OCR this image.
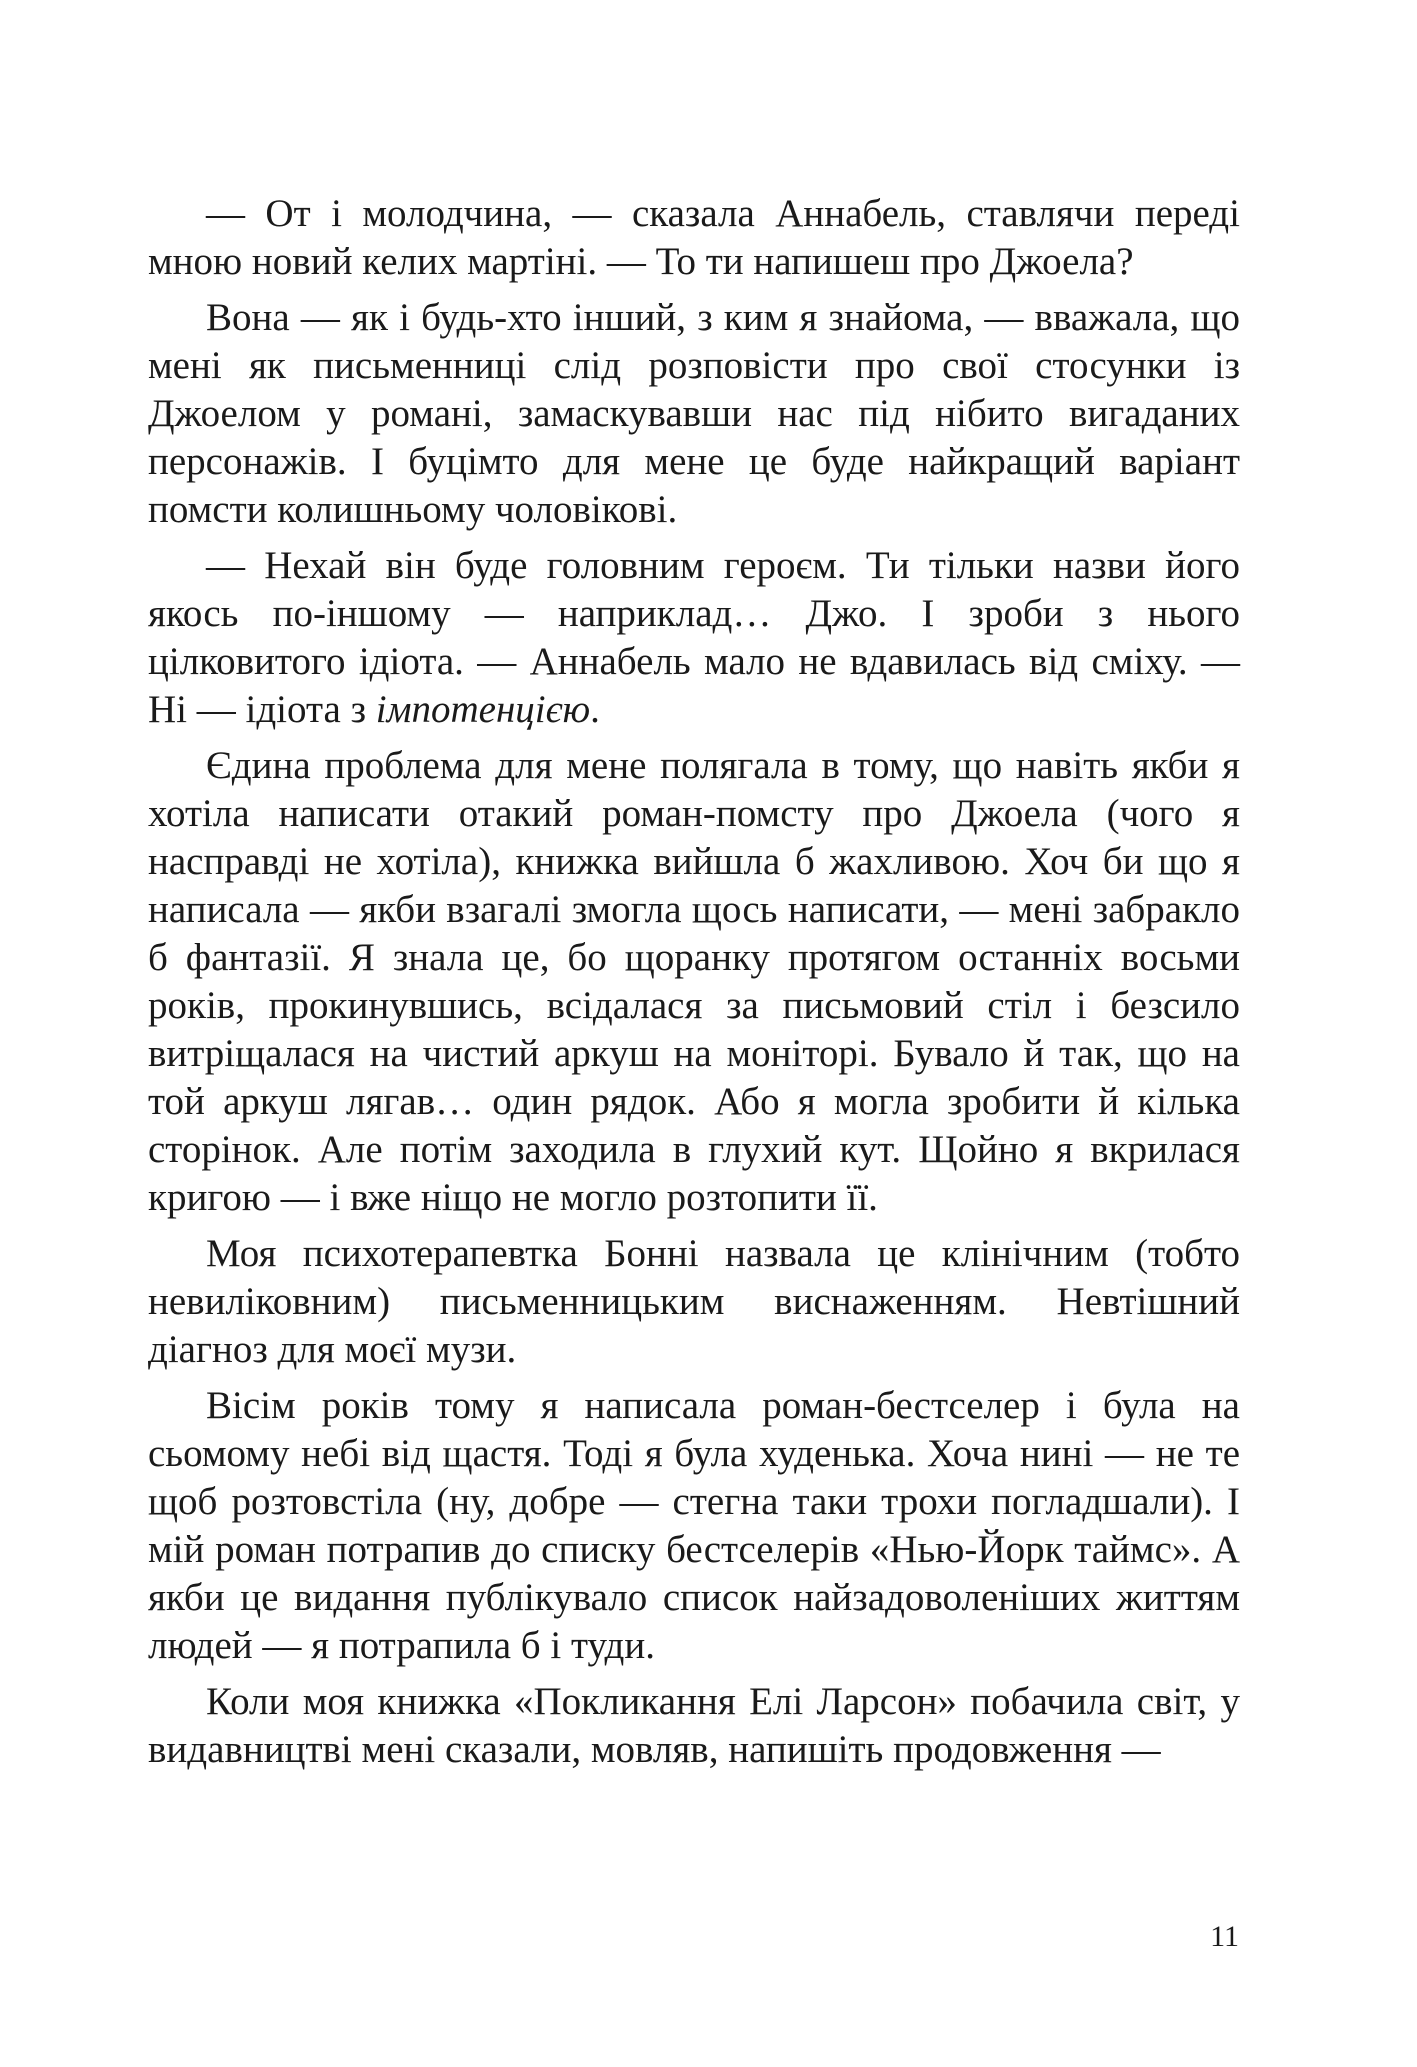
— От і молодчина, — сказала Аннабель, ставлячи переді мною новий келих мартіні. — То ти напишеш про Джоела?

Вона — як і будь-хто інший, з ким я знайома, — вважала, що мені як письменниці слід розповісти про свої стосунки із Джоелом у романі, замаскувавши нас під нібито вигаданих персонажів. І буцімто для мене це буде найкращий варіант помсти колишньому чоловікові.

— Нехай він буде головним героєм. Ти тільки назви його якось по-іншому — наприклад… Джо. І зроби з нього цілковитого ідіота. — Аннабель мало не вдавилась від сміху. — Ні — ідіота з імпотенцією.

Єдина проблема для мене полягала в тому, що навіть якби я хотіла написати отакий роман-помсту про Джоела (чого я насправді не хотіла), книжка вийшла б жахливою. Хоч би що я написала — якби взагалі змогла щось написати, — мені забракло б фантазії. Я знала це, бо щоранку протягом останніх восьми років, прокинувшись, всідалася за письмовий стіл і безсило витріщалася на чистий аркуш на моніторі. Бувало й так, що на той аркуш лягав… один рядок. Або я могла зробити й кілька сторінок. Але потім заходила в глухий кут. Щойно я вкрилася кригою — і вже ніщо не могло розтопити її.

Моя психотерапевтка Бонні назвала це клінічним (тобто невиліковним) письменницьким виснаженням. Невтішний діагноз для моєї музи.

Вісім років тому я написала роман-бестселер і була на сьомому небі від щастя. Тоді я була худенька. Хоча нині — не те щоб розтовстіла (ну, добре — стегна таки трохи погладшали). І мій роман потрапив до списку бестселерів «Нью-Йорк таймс». А якби це видання публікувало список найзадоволеніших життям людей — я потрапила б і туди.

Коли моя книжка «Покликання Елі Ларсон» побачила світ, у видавництві мені сказали, мовляв, напишіть продовження —

11
